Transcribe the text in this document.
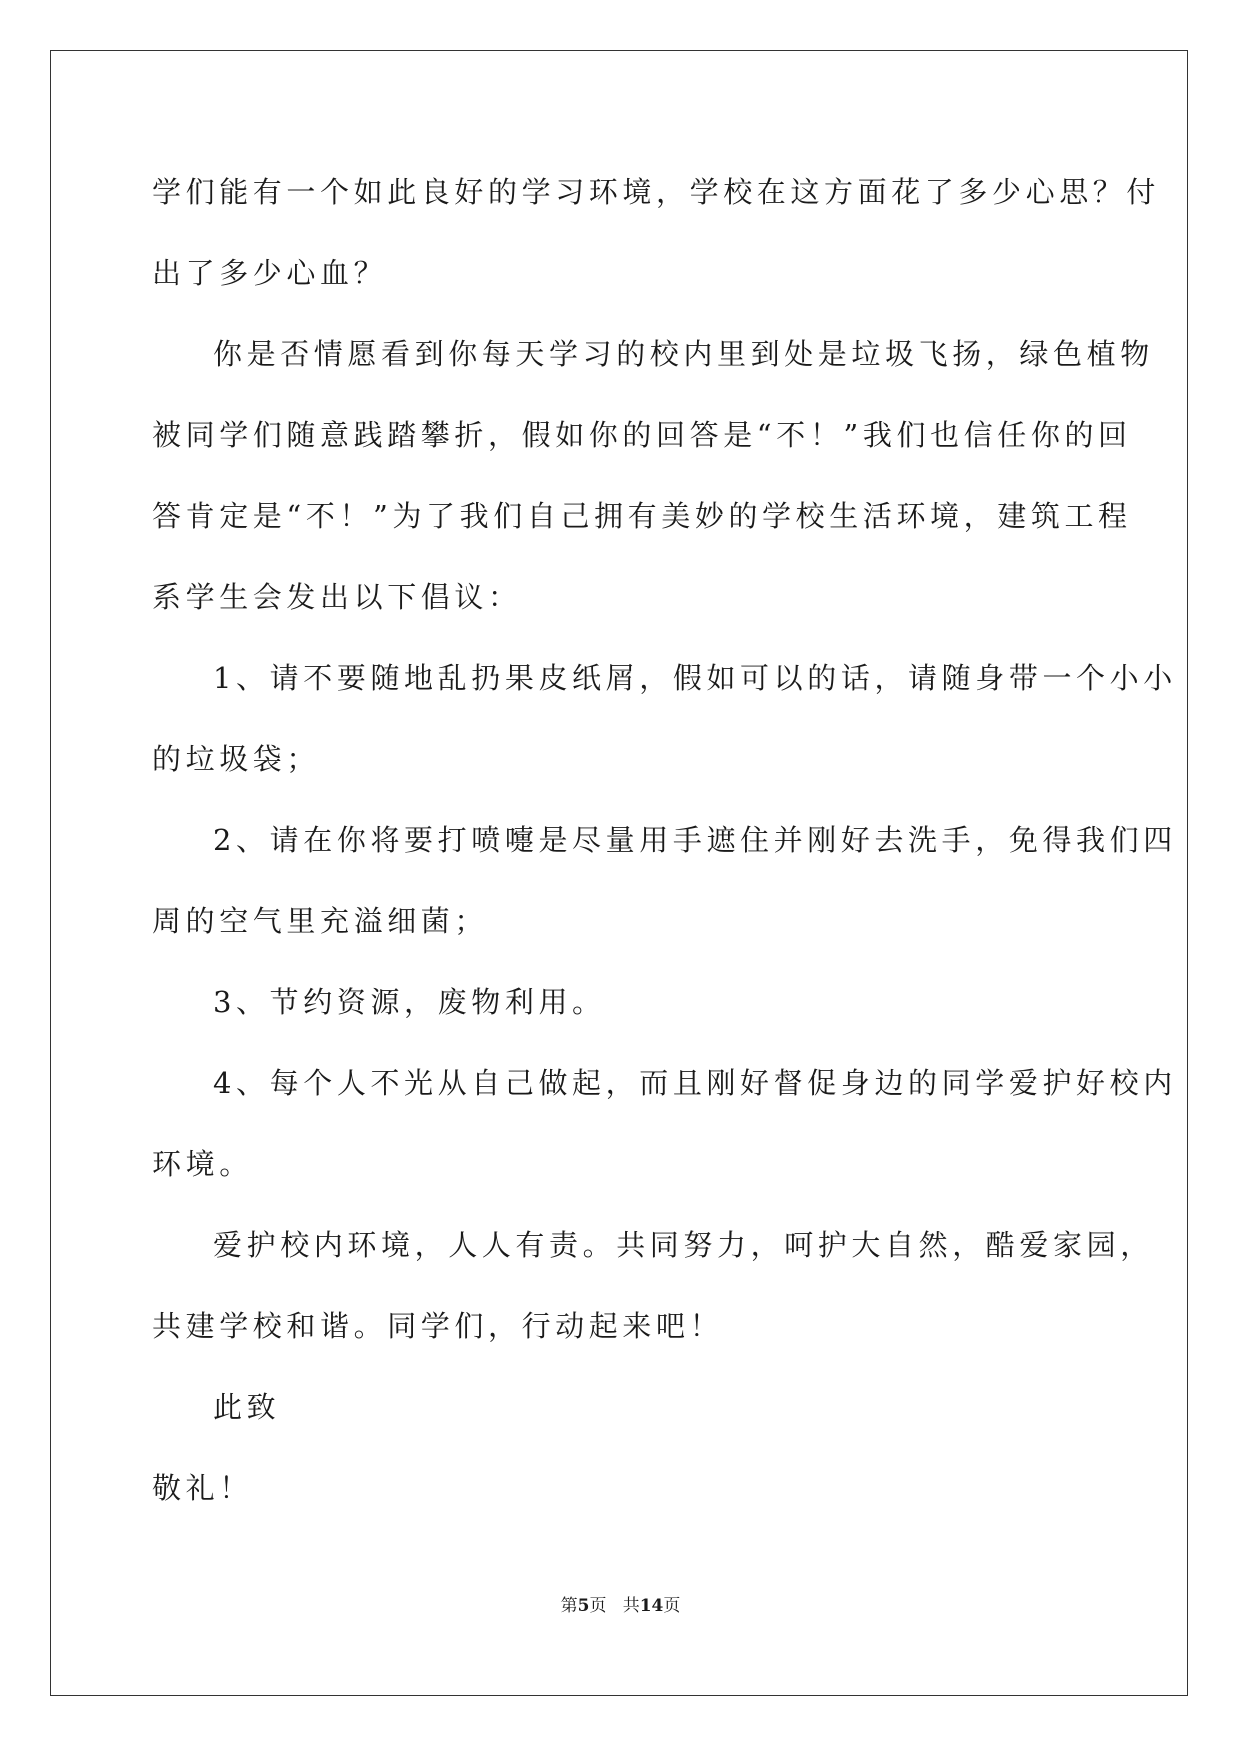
学们能有一个如此良好的学习环境，学校在这方面花了多少心思？付
出了多少心血？
你是否情愿看到你每天学习的校内里到处是垃圾飞扬，绿色植物
被同学们随意践踏攀折，假如你的回答是“不！”我们也信任你的回
答肯定是“不！”为了我们自己拥有美妙的学校生活环境，建筑工程
系学生会发出以下倡议：
1、请不要随地乱扔果皮纸屑，假如可以的话，请随身带一个小小
的垃圾袋；
2、请在你将要打喷嚏是尽量用手遮住并刚好去洗手，免得我们四
周的空气里充溢细菌；
3、节约资源，废物利用。
4、每个人不光从自己做起，而且刚好督促身边的同学爱护好校内
环境。
爱护校内环境，人人有责。共同努力，呵护大自然，酷爱家园，
共建学校和谐。同学们，行动起来吧！
此致
敬礼！
第5页 共14页
